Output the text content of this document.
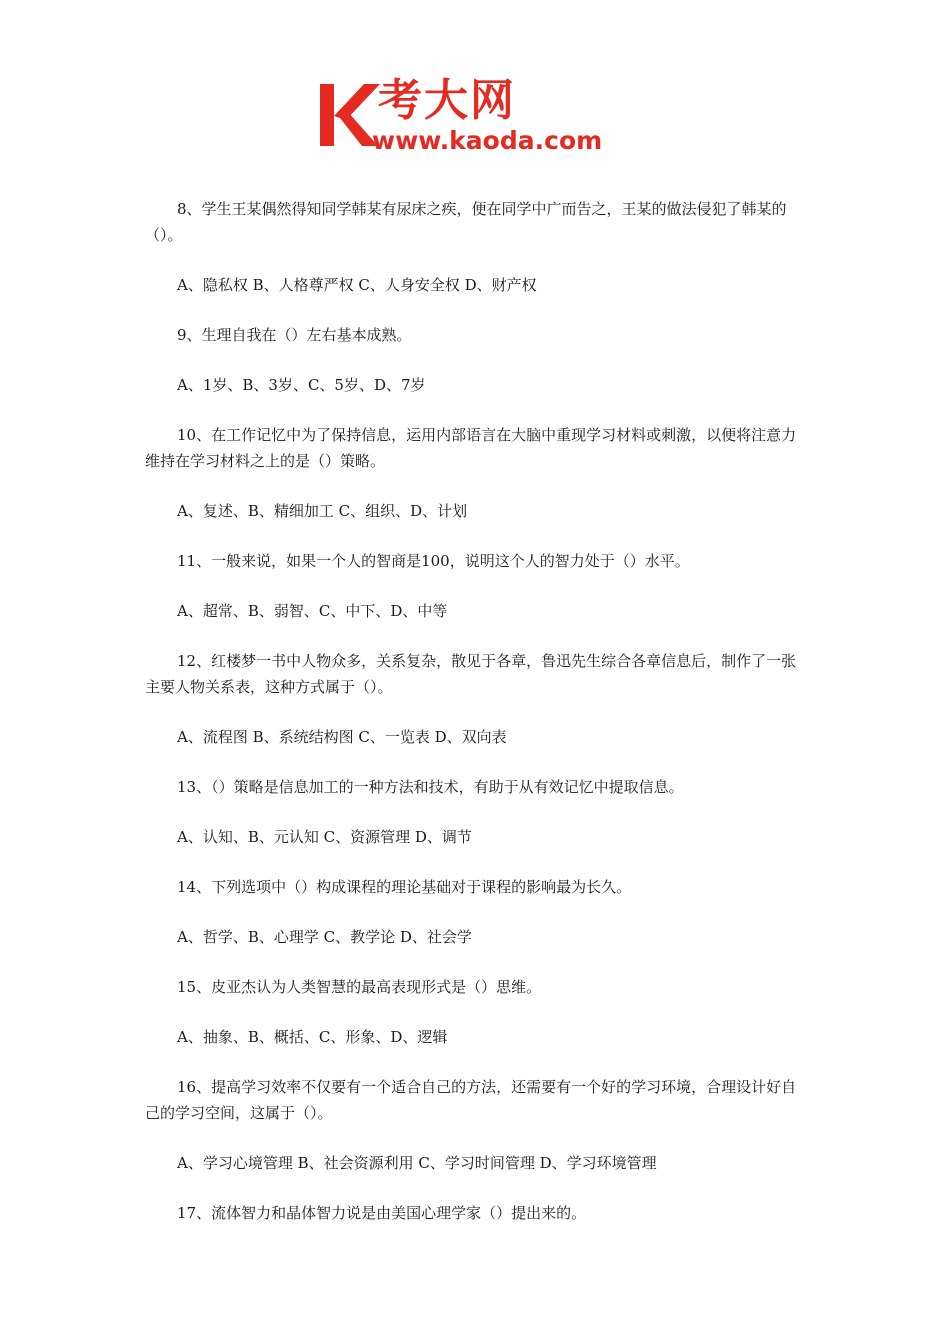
考大网
www.kaoda.com

8、学生王某偶然得知同学韩某有尿床之疾，便在同学中广而告之，王某的做法侵犯了韩某的（）。

A、隐私权 B、人格尊严权 C、人身安全权 D、财产权

9、生理自我在（）左右基本成熟。

A、1岁、B、3岁、C、5岁、D、7岁

10、在工作记忆中为了保持信息，运用内部语言在大脑中重现学习材料或刺激，以便将注意力维持在学习材料之上的是（）策略。

A、复述、B、精细加工 C、组织、D、计划

11、一般来说，如果一个人的智商是100，说明这个人的智力处于（）水平。

A、超常、B、弱智、C、中下、D、中等

12、红楼梦一书中人物众多，关系复杂，散见于各章，鲁迅先生综合各章信息后，制作了一张主要人物关系表，这种方式属于（）。

A、流程图 B、系统结构图 C、一览表 D、双向表

13、（）策略是信息加工的一种方法和技术，有助于从有效记忆中提取信息。

A、认知、B、元认知 C、资源管理 D、调节

14、下列选项中（）构成课程的理论基础对于课程的影响最为长久。

A、哲学、B、心理学 C、教学论 D、社会学

15、皮亚杰认为人类智慧的最高表现形式是（）思维。

A、抽象、B、概括、C、形象、D、逻辑

16、提高学习效率不仅要有一个适合自己的方法，还需要有一个好的学习环境，合理设计好自己的学习空间，这属于（）。

A、学习心境管理 B、社会资源利用 C、学习时间管理 D、学习环境管理

17、流体智力和晶体智力说是由美国心理学家（）提出来的。
